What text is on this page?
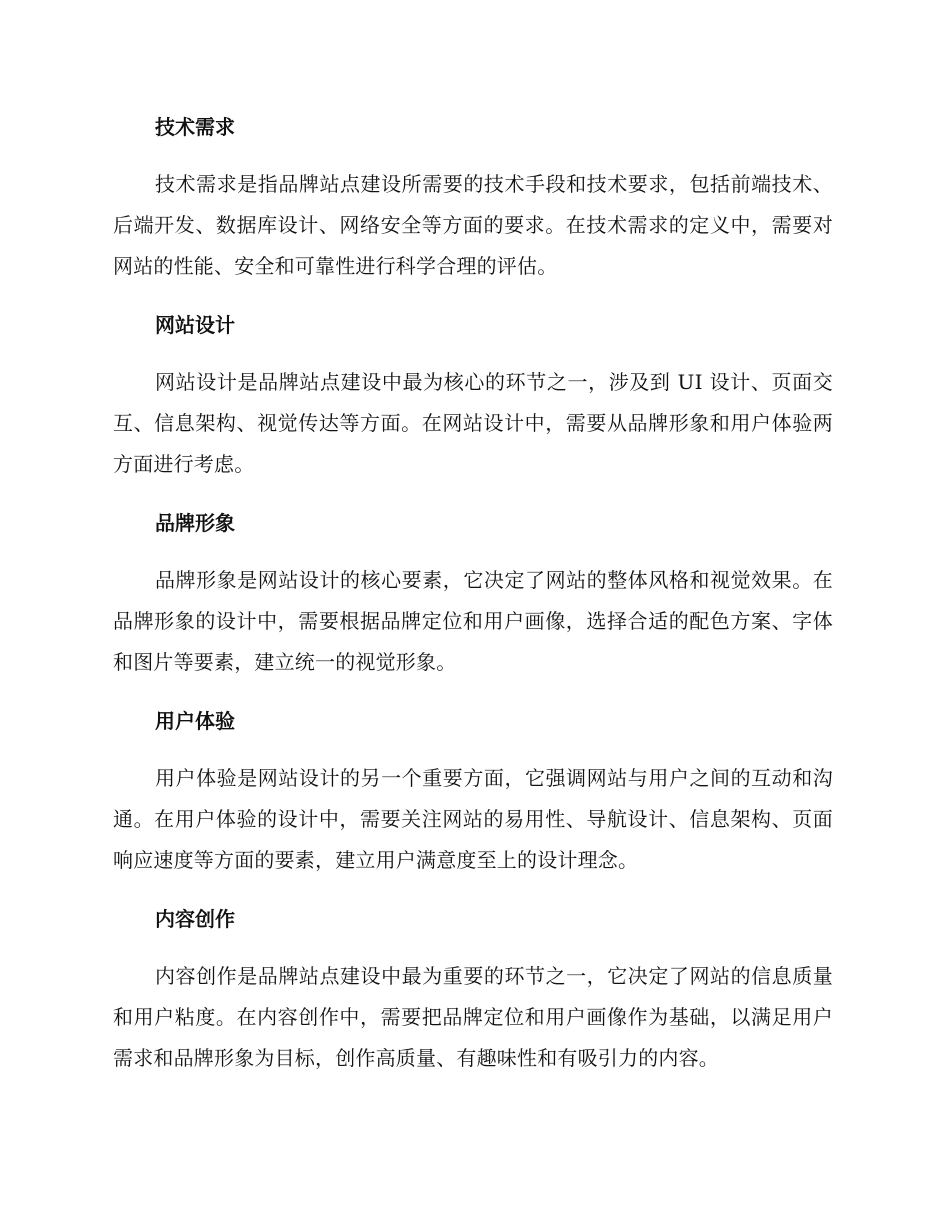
技术需求

技术需求是指品牌站点建设所需要的技术手段和技术要求，包括前端技术、后端开发、数据库设计、网络安全等方面的要求。在技术需求的定义中，需要对网站的性能、安全和可靠性进行科学合理的评估。

网站设计

网站设计是品牌站点建设中最为核心的环节之一，涉及到 UI 设计、页面交互、信息架构、视觉传达等方面。在网站设计中，需要从品牌形象和用户体验两方面进行考虑。

品牌形象

品牌形象是网站设计的核心要素，它决定了网站的整体风格和视觉效果。在品牌形象的设计中，需要根据品牌定位和用户画像，选择合适的配色方案、字体和图片等要素，建立统一的视觉形象。

用户体验

用户体验是网站设计的另一个重要方面，它强调网站与用户之间的互动和沟通。在用户体验的设计中，需要关注网站的易用性、导航设计、信息架构、页面响应速度等方面的要素，建立用户满意度至上的设计理念。

内容创作

内容创作是品牌站点建设中最为重要的环节之一，它决定了网站的信息质量和用户粘度。在内容创作中，需要把品牌定位和用户画像作为基础，以满足用户需求和品牌形象为目标，创作高质量、有趣味性和有吸引力的内容。
